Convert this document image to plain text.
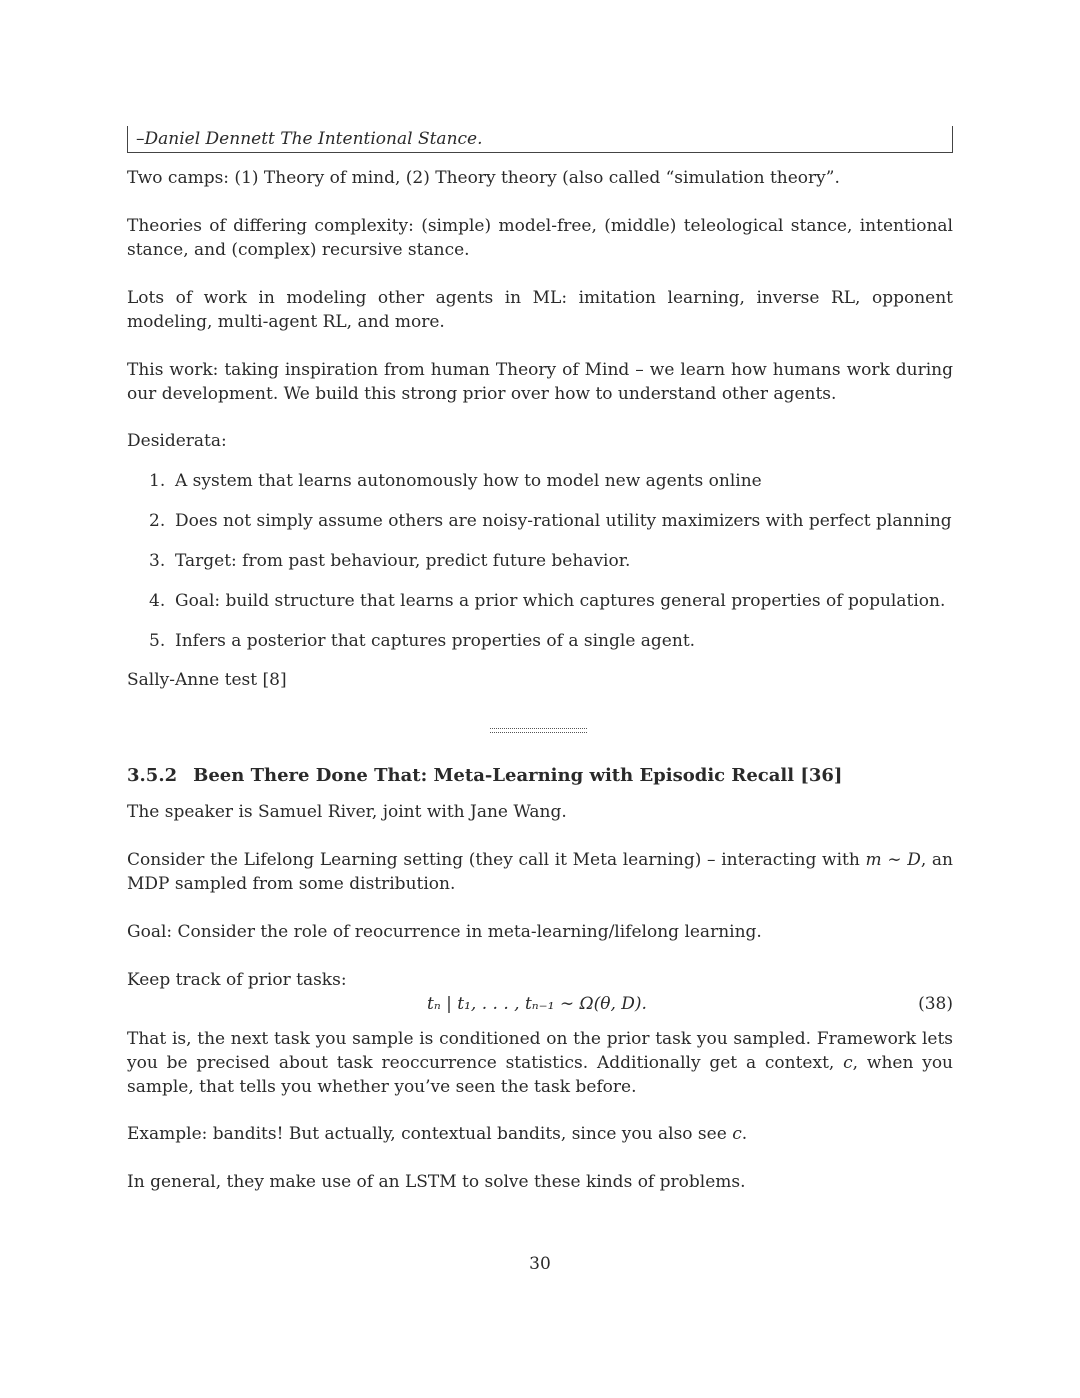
–Daniel Dennett The Intentional Stance.
Two camps: (1) Theory of mind, (2) Theory theory (also called “simulation theory”.
Theories of differing complexity: (simple) model-free, (middle) teleological stance, intentional stance, and (complex) recursive stance.
Lots of work in modeling other agents in ML: imitation learning, inverse RL, opponent modeling, multi-agent RL, and more.
This work: taking inspiration from human Theory of Mind – we learn how humans work during our development. We build this strong prior over how to understand other agents.
Desiderata:
1. A system that learns autonomously how to model new agents online
2. Does not simply assume others are noisy-rational utility maximizers with perfect planning
3. Target: from past behaviour, predict future behavior.
4. Goal: build structure that learns a prior which captures general properties of population.
5. Infers a posterior that captures properties of a single agent.
Sally-Anne test [8]
3.5.2 Been There Done That: Meta-Learning with Episodic Recall [36]
The speaker is Samuel River, joint with Jane Wang.
Consider the Lifelong Learning setting (they call it Meta learning) – interacting with m ∼ D, an MDP sampled from some distribution.
Goal: Consider the role of reocurrence in meta-learning/lifelong learning.
Keep track of prior tasks:
tₙ | t₁, . . . , tₙ₋₁ ∼ Ω(θ, D).	(38)
That is, the next task you sample is conditioned on the prior task you sampled. Framework lets you be precised about task reoccurrence statistics. Additionally get a context, c, when you sample, that tells you whether you’ve seen the task before.
Example: bandits! But actually, contextual bandits, since you also see c.
In general, they make use of an LSTM to solve these kinds of problems.
30
